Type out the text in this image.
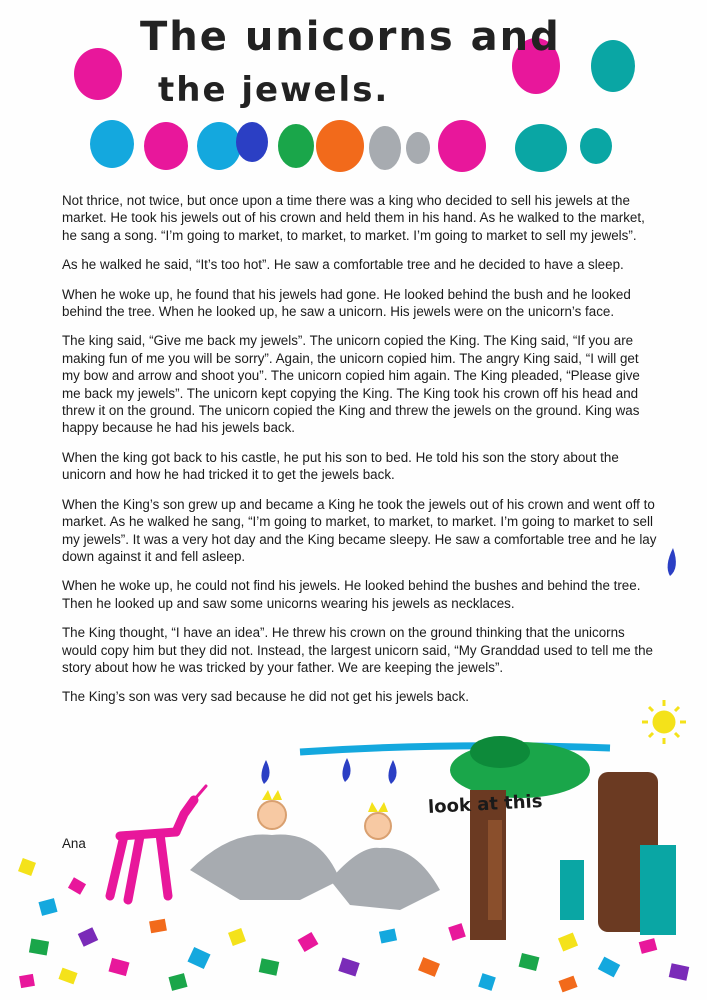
The unicorns and
the jewels.

Not thrice, not twice, but once upon a time there was a king who decided to sell his jewels at the market. He took his jewels out of his crown and held them in his hand. As he walked to the market, he sang a song. “I’m going to market, to market, to market. I’m going to market to sell my jewels”.

As he walked he said, “It’s too hot”. He saw a comfortable tree and he decided to have a sleep.

When he woke up, he found that his jewels had gone. He looked behind the bush and he looked behind the tree. When he looked up, he saw a unicorn. His jewels were on the unicorn’s face.

The king said, “Give me back my jewels”. The unicorn copied the King. The King said, “If you are making fun of me you will be sorry”. Again, the unicorn copied him. The angry King said, “I will get my bow and arrow and shoot you”. The unicorn copied him again. The King pleaded, “Please give me back my jewels”. The unicorn kept copying the King. The King took his crown off his head and threw it on the ground. The unicorn copied the King and threw the jewels on the ground. King was happy because he had his jewels back.

When the king got back to his castle, he put his son to bed. He told his son the story about the unicorn and how he had tricked it to get the jewels back.

When the King’s son grew up and became a King he took the jewels out of his crown and went off to market. As he walked he sang, “I’m going to market, to market, to market. I’m going to market to sell my jewels”. It was a very hot day and the King became sleepy. He saw a comfortable tree and he lay down against it and fell asleep.

When he woke up, he could not find his jewels. He looked behind the bushes and behind the tree. Then he looked up and saw some unicorns wearing his jewels as necklaces.

The King thought, “I have an idea”. He threw his crown on the ground thinking that the unicorns would copy him but they did not. Instead, the largest unicorn said, “My Granddad used to tell me the story about how he was tricked by your father. We are keeping the jewels”.

The King’s son was very sad because he did not get his jewels back.

Ana
look at this
